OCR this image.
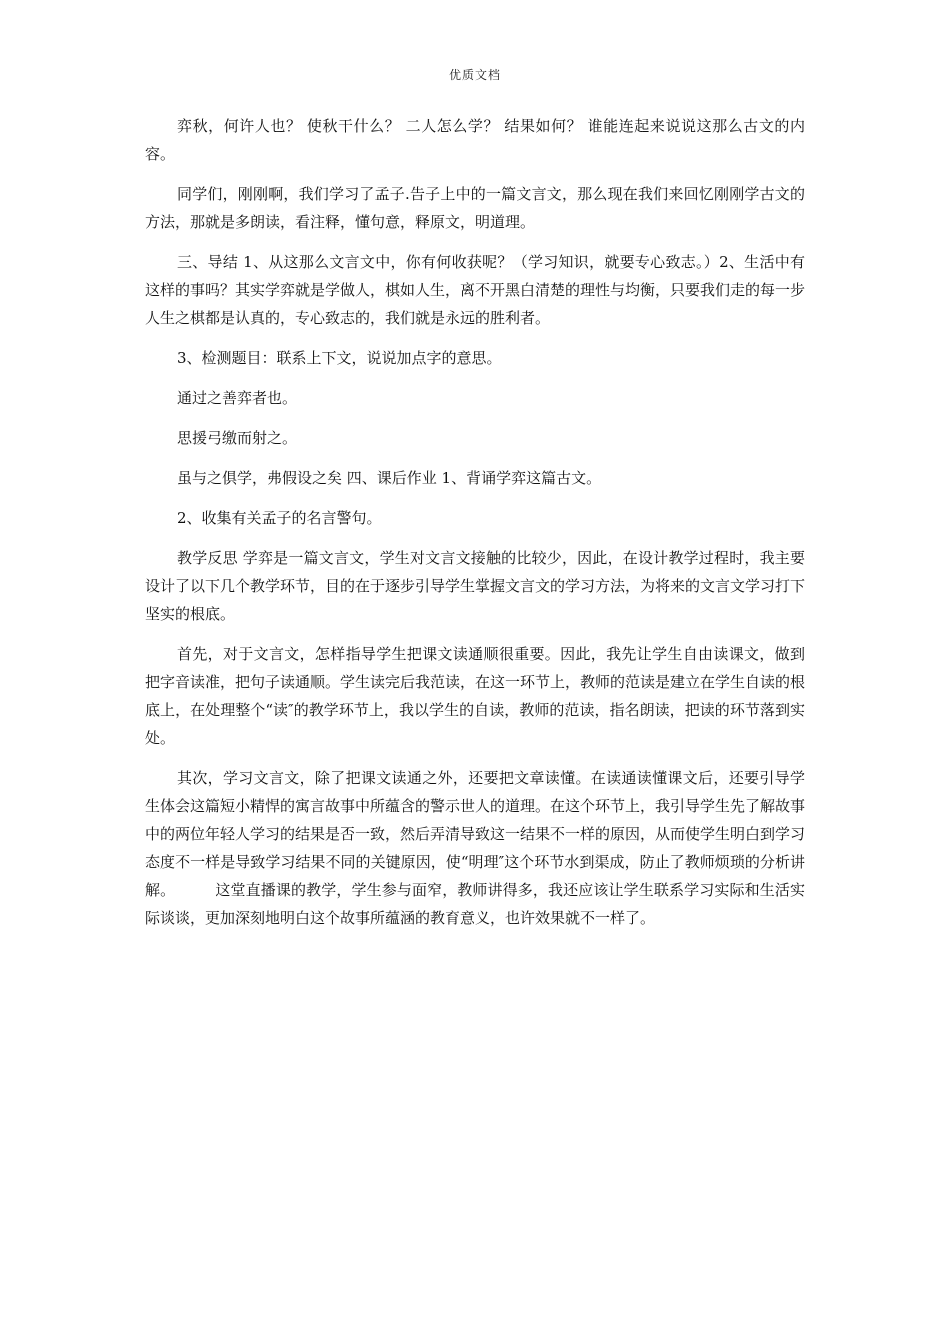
优质文档

弈秋，何许人也？ 使秋干什么？ 二人怎么学？ 结果如何？ 谁能连起来说说这那么古文的内容。

同学们，刚刚啊，我们学习了孟子.告子上中的一篇文言文，那么现在我们来回忆刚刚学古文的方法，那就是多朗读，看注释，懂句意，释原文，明道理。

三、导结 1、从这那么文言文中，你有何收获呢？（学习知识，就要专心致志。）2、生活中有这样的事吗？其实学弈就是学做人，棋如人生，离不开黑白清楚的理性与均衡，只要我们走的每一步人生之棋都是认真的，专心致志的，我们就是永远的胜利者。

3、检测题目：联系上下文，说说加点字的意思。

通过之善弈者也。

思援弓缴而射之。

虽与之俱学，弗假设之矣 四、课后作业 1、背诵学弈这篇古文。

2、收集有关孟子的名言警句。

教学反思 学弈是一篇文言文，学生对文言文接触的比较少，因此，在设计教学过程时，我主要设计了以下几个教学环节，目的在于逐步引导学生掌握文言文的学习方法，为将来的文言文学习打下坚实的根底。

首先，对于文言文，怎样指导学生把课文读通顺很重要。因此，我先让学生自由读课文，做到把字音读准，把句子读通顺。学生读完后我范读，在这一环节上，教师的范读是建立在学生自读的根底上，在处理整个“读″的教学环节上，我以学生的自读，教师的范读，指名朗读，把读的环节落到实处。

其次，学习文言文，除了把课文读通之外，还要把文章读懂。在读通读懂课文后，还要引导学生体会这篇短小精悍的寓言故事中所蕴含的警示世人的道理。在这个环节上，我引导学生先了解故事中的两位年轻人学习的结果是否一致，然后弄清导致这一结果不一样的原因，从而使学生明白到学习态度不一样是导致学习结果不同的关键原因，使“明理″这个环节水到渠成，防止了教师烦琐的分析讲解。	这堂直播课的教学，学生参与面窄，教师讲得多，我还应该让学生联系学习实际和生活实际谈谈，更加深刻地明白这个故事所蕴涵的教育意义，也许效果就不一样了。
